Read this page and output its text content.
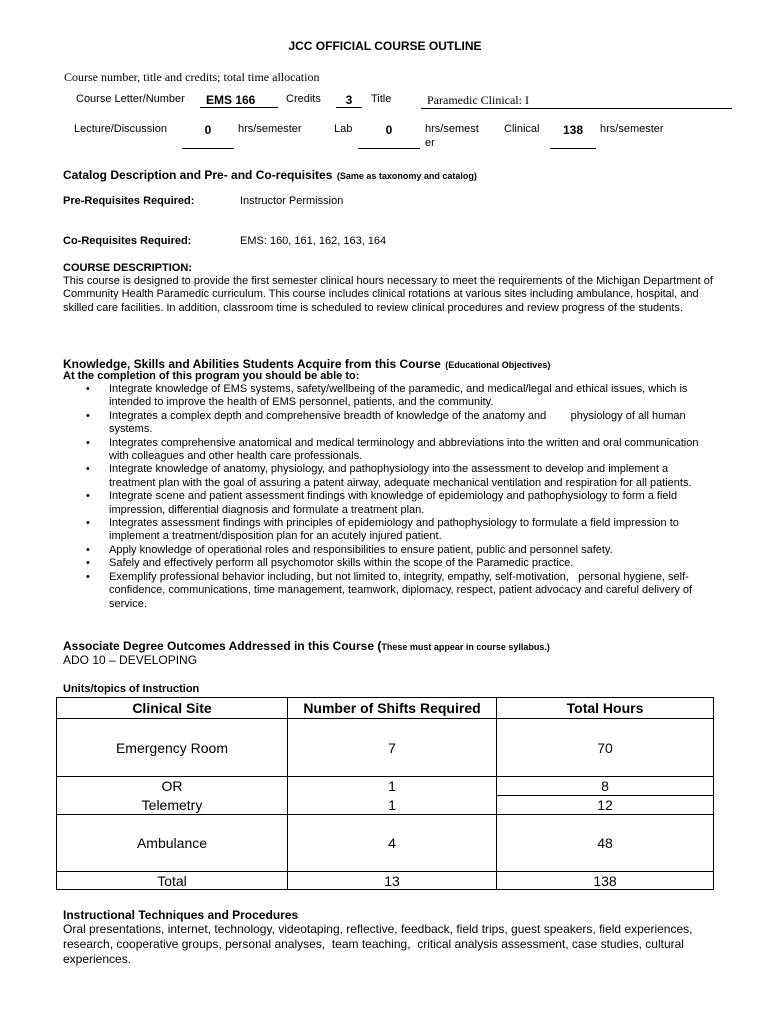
JCC OFFICIAL COURSE OUTLINE
Course number, title and credits; total time allocation
Course Letter/Number	EMS 166	Credits	3	Title	Paramedic Clinical: I
Lecture/Discussion	0	hrs/semester	Lab	0	hrs/semest
er
Clinical	138	hrs/semester
Catalog Description and Pre- and Co-requisites (Same as taxonomy and catalog)
Pre-Requisites Required:	Instructor Permission
Co-Requisites Required:	EMS: 160, 161, 162, 163, 164
COURSE DESCRIPTION:
This course is designed to provide the first semester clinical hours necessary to meet the requirements of the Michigan Department of Community Health Paramedic curriculum. This course includes clinical rotations at various sites including ambulance, hospital, and skilled care facilities. In addition, classroom time is scheduled to review clinical procedures and review progress of the students.
Knowledge, Skills and Abilities Students Acquire from this Course (Educational Objectives)
At the completion of this program you should be able to:
• Integrate knowledge of EMS systems, safety/wellbeing of the paramedic, and medical/legal and ethical issues, which is intended to improve the health of EMS personnel, patients, and the community.
• Integrates a complex depth and comprehensive breadth of knowledge of the anatomy and        physiology of all human systems.
• Integrates comprehensive anatomical and medical terminology and abbreviations into the written and oral communication with colleagues and other health care professionals.
• Integrate knowledge of anatomy, physiology, and pathophysiology into the assessment to develop and implement a treatment plan with the goal of assuring a patent airway, adequate mechanical ventilation and respiration for all patients.
• Integrate scene and patient assessment findings with knowledge of epidemiology and pathophysiology to form a field impression, differential diagnosis and formulate a treatment plan.
• Integrates assessment findings with principles of epidemiology and pathophysiology to formulate a field impression to implement a treatment/disposition plan for an acutely injured patient.
• Apply knowledge of operational roles and responsibilities to ensure patient, public and personnel safety.
• Safely and effectively perform all psychomotor skills within the scope of the Paramedic practice.
• Exemplify professional behavior including, but not limited to, integrity, empathy, self-motivation,   personal hygiene, self-confidence, communications, time management, teamwork, diplomacy, respect, patient advocacy and careful delivery of service.
Associate Degree Outcomes Addressed in this Course (These must appear in course syllabus.)
ADO 10 – DEVELOPING
Units/topics of Instruction
Clinical Site	Number of Shifts Required	Total Hours
Emergency Room	7	70
OR	1	8
Telemetry	1	12
Ambulance	4	48
Total	13	138
Instructional Techniques and Procedures
Oral presentations, internet, technology, videotaping, reflective, feedback, field trips, guest speakers, field experiences, research, cooperative groups, personal analyses,  team teaching,  critical analysis assessment, case studies, cultural experiences.
